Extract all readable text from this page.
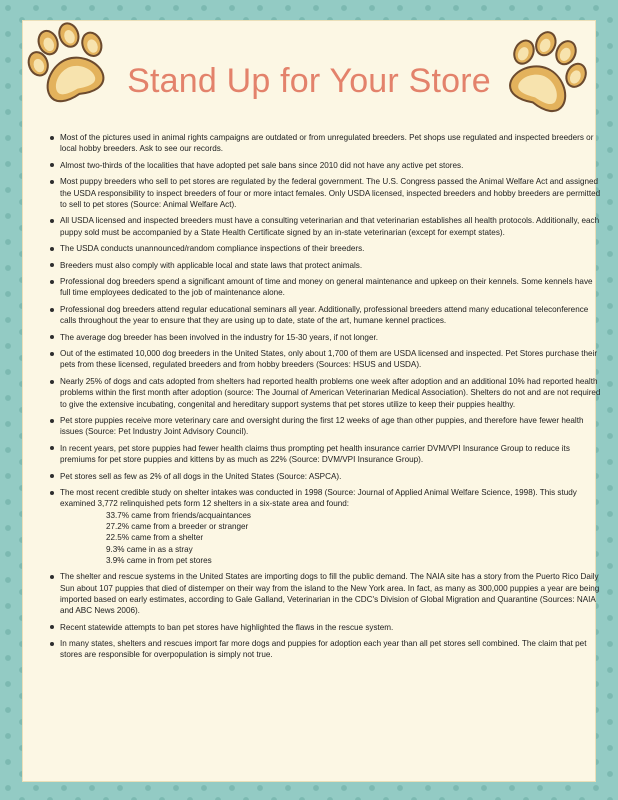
Stand Up for Your Store
Most of the pictures used in animal rights campaigns are outdated or from unregulated breeders. Pet shops use regulated and inspected breeders or local hobby breeders. Ask to see our records.
Almost two-thirds of the localities that have adopted pet sale bans since 2010 did not have any active pet stores.
Most puppy breeders who sell to pet stores are regulated by the federal government. The U.S. Congress passed the Animal Welfare Act and assigned the USDA responsibility to inspect breeders of four or more intact females. Only USDA licensed, inspected breeders and hobby breeders are permitted to sell to pet stores (Source: Animal Welfare Act).
All USDA licensed and inspected breeders must have a consulting veterinarian and that veterinarian establishes all health protocols. Additionally, each puppy sold must be accompanied by a State Health Certificate signed by an in-state veterinarian (except for exempt states).
The USDA conducts unannounced/random compliance inspections of their breeders.
Breeders must also comply with applicable local and state laws that protect animals.
Professional dog breeders spend a significant amount of time and money on general maintenance and upkeep on their kennels. Some kennels have full time employees dedicated to the job of maintenance alone.
Professional dog breeders attend regular educational seminars all year. Additionally, professional breeders attend many educational teleconference calls throughout the year to ensure that they are using up to date, state of the art, humane kennel practices.
The average dog breeder has been involved in the industry for 15-30 years, if not longer.
Out of the estimated 10,000 dog breeders in the United States, only about 1,700 of them are USDA licensed and inspected. Pet Stores purchase their pets from these licensed, regulated breeders and from hobby breeders (Sources: HSUS and USDA).
Nearly 25% of dogs and cats adopted from shelters had reported health problems one week after adoption and an additional 10% had reported health problems within the first month after adoption (source: The Journal of American Veterinarian Medical Association). Shelters do not and are not required to give the extensive incubating, congenital and hereditary support systems that pet stores utilize to keep their puppies healthy.
Pet store puppies receive more veterinary care and oversight during the first 12 weeks of age than other puppies, and therefore have fewer health issues (Source: Pet Industry Joint Advisory Council).
In recent years, pet store puppies had fewer health claims thus prompting pet health insurance carrier DVM/VPI Insurance Group to reduce its premiums for pet store puppies and kittens by as much as 22% (Source: DVM/VPI Insurance Group).
Pet stores sell as few as 2% of all dogs in the United States (Source: ASPCA).
The most recent credible study on shelter intakes was conducted in 1998 (Source: Journal of Applied Animal Welfare Science, 1998). This study examined 3,772 relinquished pets form 12 shelters in a six-state area and found:
33.7% came from friends/acquaintances
27.2% came from a breeder or stranger
22.5% came from a shelter
9.3% came in as a stray
3.9% came in from pet stores
The shelter and rescue systems in the United States are importing dogs to fill the public demand. The NAIA site has a story from the Puerto Rico Daily Sun about 107 puppies that died of distemper on their way from the island to the New York area. In fact, as many as 300,000 puppies a year are being imported based on early estimates, according to Gale Galland, Veterinarian in the CDC's Division of Global Migration and Quarantine (Sources: NAIA and ABC News 2006).
Recent statewide attempts to ban pet stores have highlighted the flaws in the rescue system.
In many states, shelters and rescues import far more dogs and puppies for adoption each year than all pet stores sell combined. The claim that pet stores are responsible for overpopulation is simply not true.
